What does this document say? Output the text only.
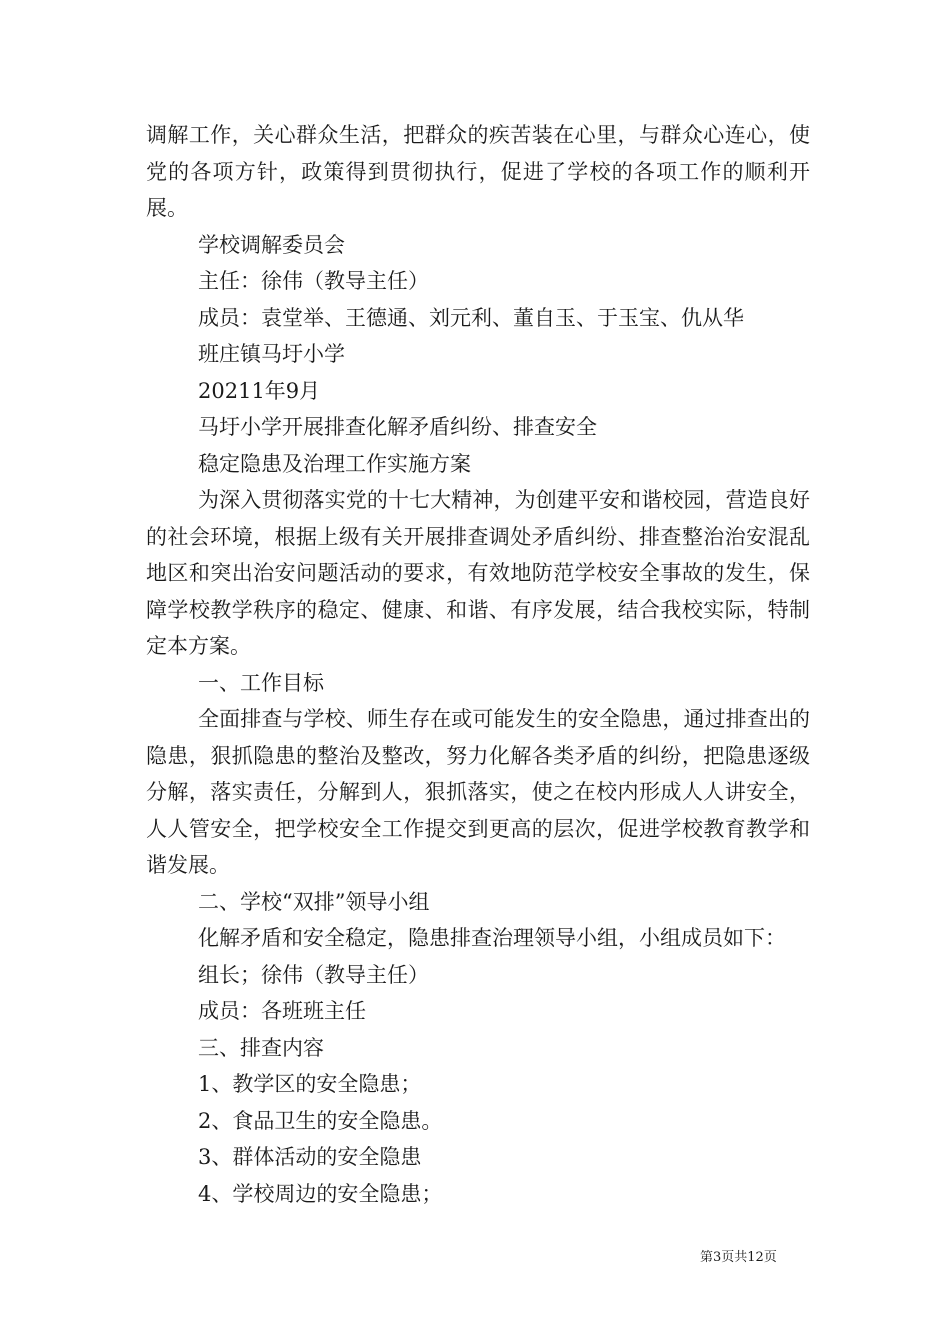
调解工作，关心群众生活，把群众的疾苦装在心里，与群众心连心，使党的各项方针，政策得到贯彻执行，促进了学校的各项工作的顺利开展。

学校调解委员会

主任：徐伟（教导主任）

成员：袁堂举、王德通、刘元利、董自玉、于玉宝、仇从华

班庄镇马圩小学

20211年9月

马圩小学开展排查化解矛盾纠纷、排查安全

稳定隐患及治理工作实施方案

为深入贯彻落实党的十七大精神，为创建平安和谐校园，营造良好的社会环境，根据上级有关开展排查调处矛盾纠纷、排查整治治安混乱地区和突出治安问题活动的要求，有效地防范学校安全事故的发生，保障学校教学秩序的稳定、健康、和谐、有序发展，结合我校实际，特制定本方案。

一、工作目标

全面排查与学校、师生存在或可能发生的安全隐患，通过排查出的隐患，狠抓隐患的整治及整改，努力化解各类矛盾的纠纷，把隐患逐级分解，落实责任，分解到人，狠抓落实，使之在校内形成人人讲安全，人人管安全，把学校安全工作提交到更高的层次，促进学校教育教学和谐发展。

二、学校“双排”领导小组

化解矛盾和安全稳定，隐患排查治理领导小组，小组成员如下：

组长；徐伟（教导主任）

成员：各班班主任

三、排查内容

1、教学区的安全隐患；

2、食品卫生的安全隐患。

3、群体活动的安全隐患

4、学校周边的安全隐患；

第3页共12页
